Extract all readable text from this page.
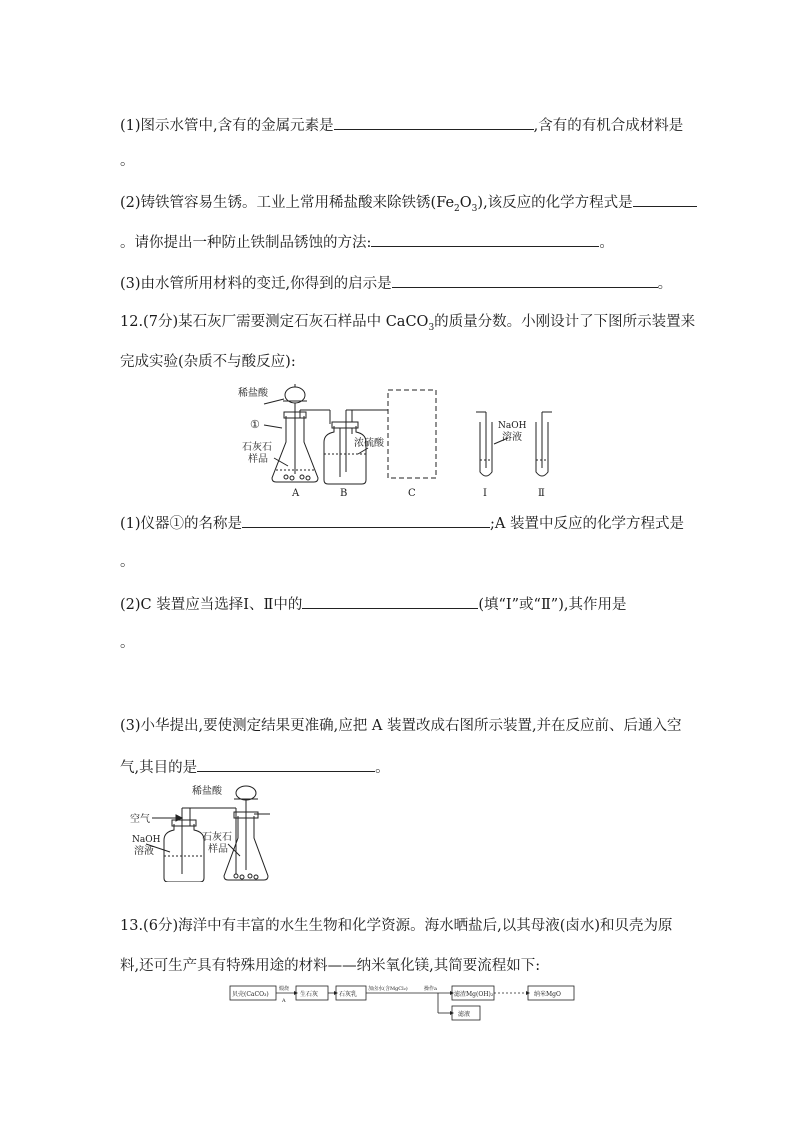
(1)图示水管中,含有的金属元素是	,含有的有机合成材料是
。
(2)铸铁管容易生锈。工业上常用稀盐酸来除铁锈$(Fe_2O_3)$,该反应的化学方程式是
。请你提出一种防止铁制品锈蚀的方法:	。
(3)由水管所用材料的变迁,你得到的启示是	。
12.(7分)某石灰厂需要测定石灰石样品中 CaCO$_3$的质量分数。小刚设计了下图所示装置来
完成实验(杂质不与酸反应):
稀盐酸
①
石灰石
样品
浓硫酸
NaOH
溶液
A	B	C	Ⅰ	Ⅱ
(1)仪器①的名称是	;A 装置中反应的化学方程式是
。
(2)C 装置应当选择Ⅰ、Ⅱ中的	(填“Ⅰ”或“Ⅱ”),其作用是
。
(3)小华提出,要使测定结果更准确,应把 A 装置改成右图所示装置,并在反应前、后通入空
气,其目的是	。
稀盐酸
空气
NaOH
溶液
石灰石
样品
13.(6分)海洋中有丰富的水生生物和化学资源。海水晒盐后,以其母液(卤水)和贝壳为原
料,还可生产具有特殊用途的材料——纳米氧化镁,其简要流程如下:
贝壳(CaCO₃)	生石灰	石灰乳	滤渣Mg(OH)₂	纳米MgO
滤液
煅烧
A
加卤水(含MgCl₂)	操作a
